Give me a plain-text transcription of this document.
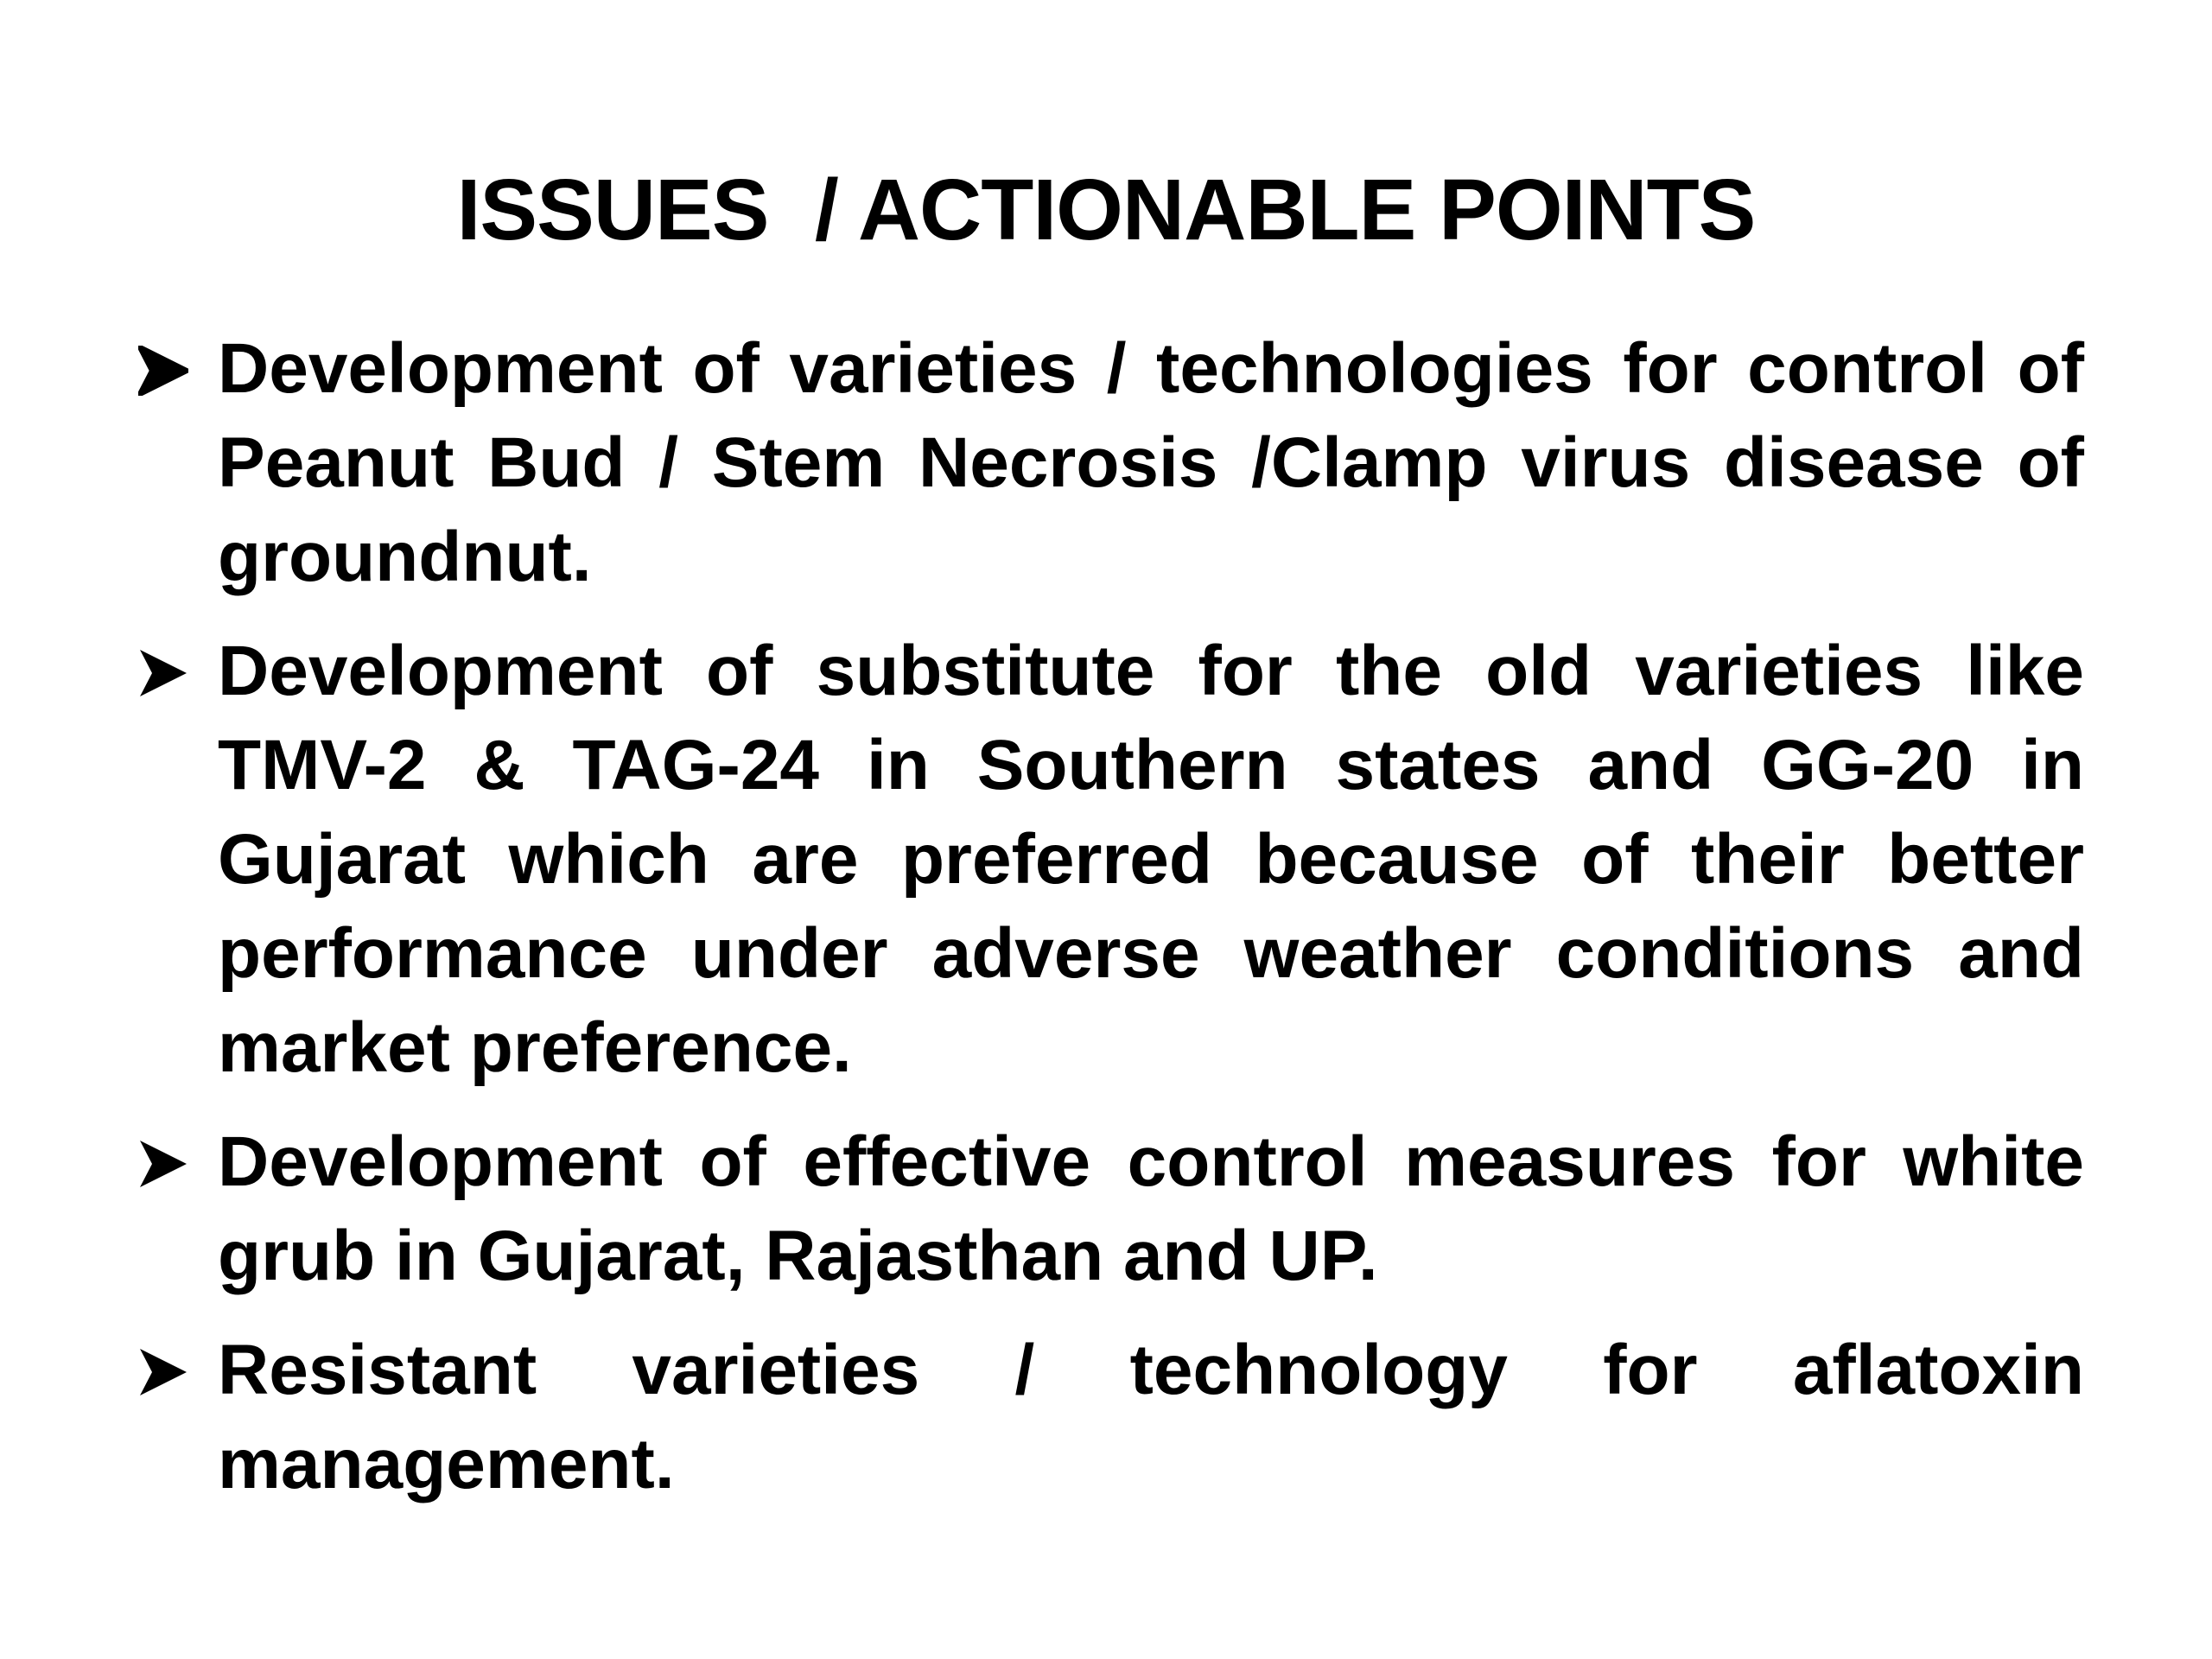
ISSUES  / ACTIONABLE POINTS
Development of varieties / technologies for control of Peanut Bud / Stem Necrosis /Clamp virus disease of groundnut.
Development of substitute for the old varieties like TMV-2 & TAG-24 in Southern states and GG-20 in Gujarat which are preferred because of their better performance under adverse weather conditions and market preference.
Development of effective control measures for white grub in Gujarat, Rajasthan and UP.
Resistant varieties / technology for aflatoxin management.
